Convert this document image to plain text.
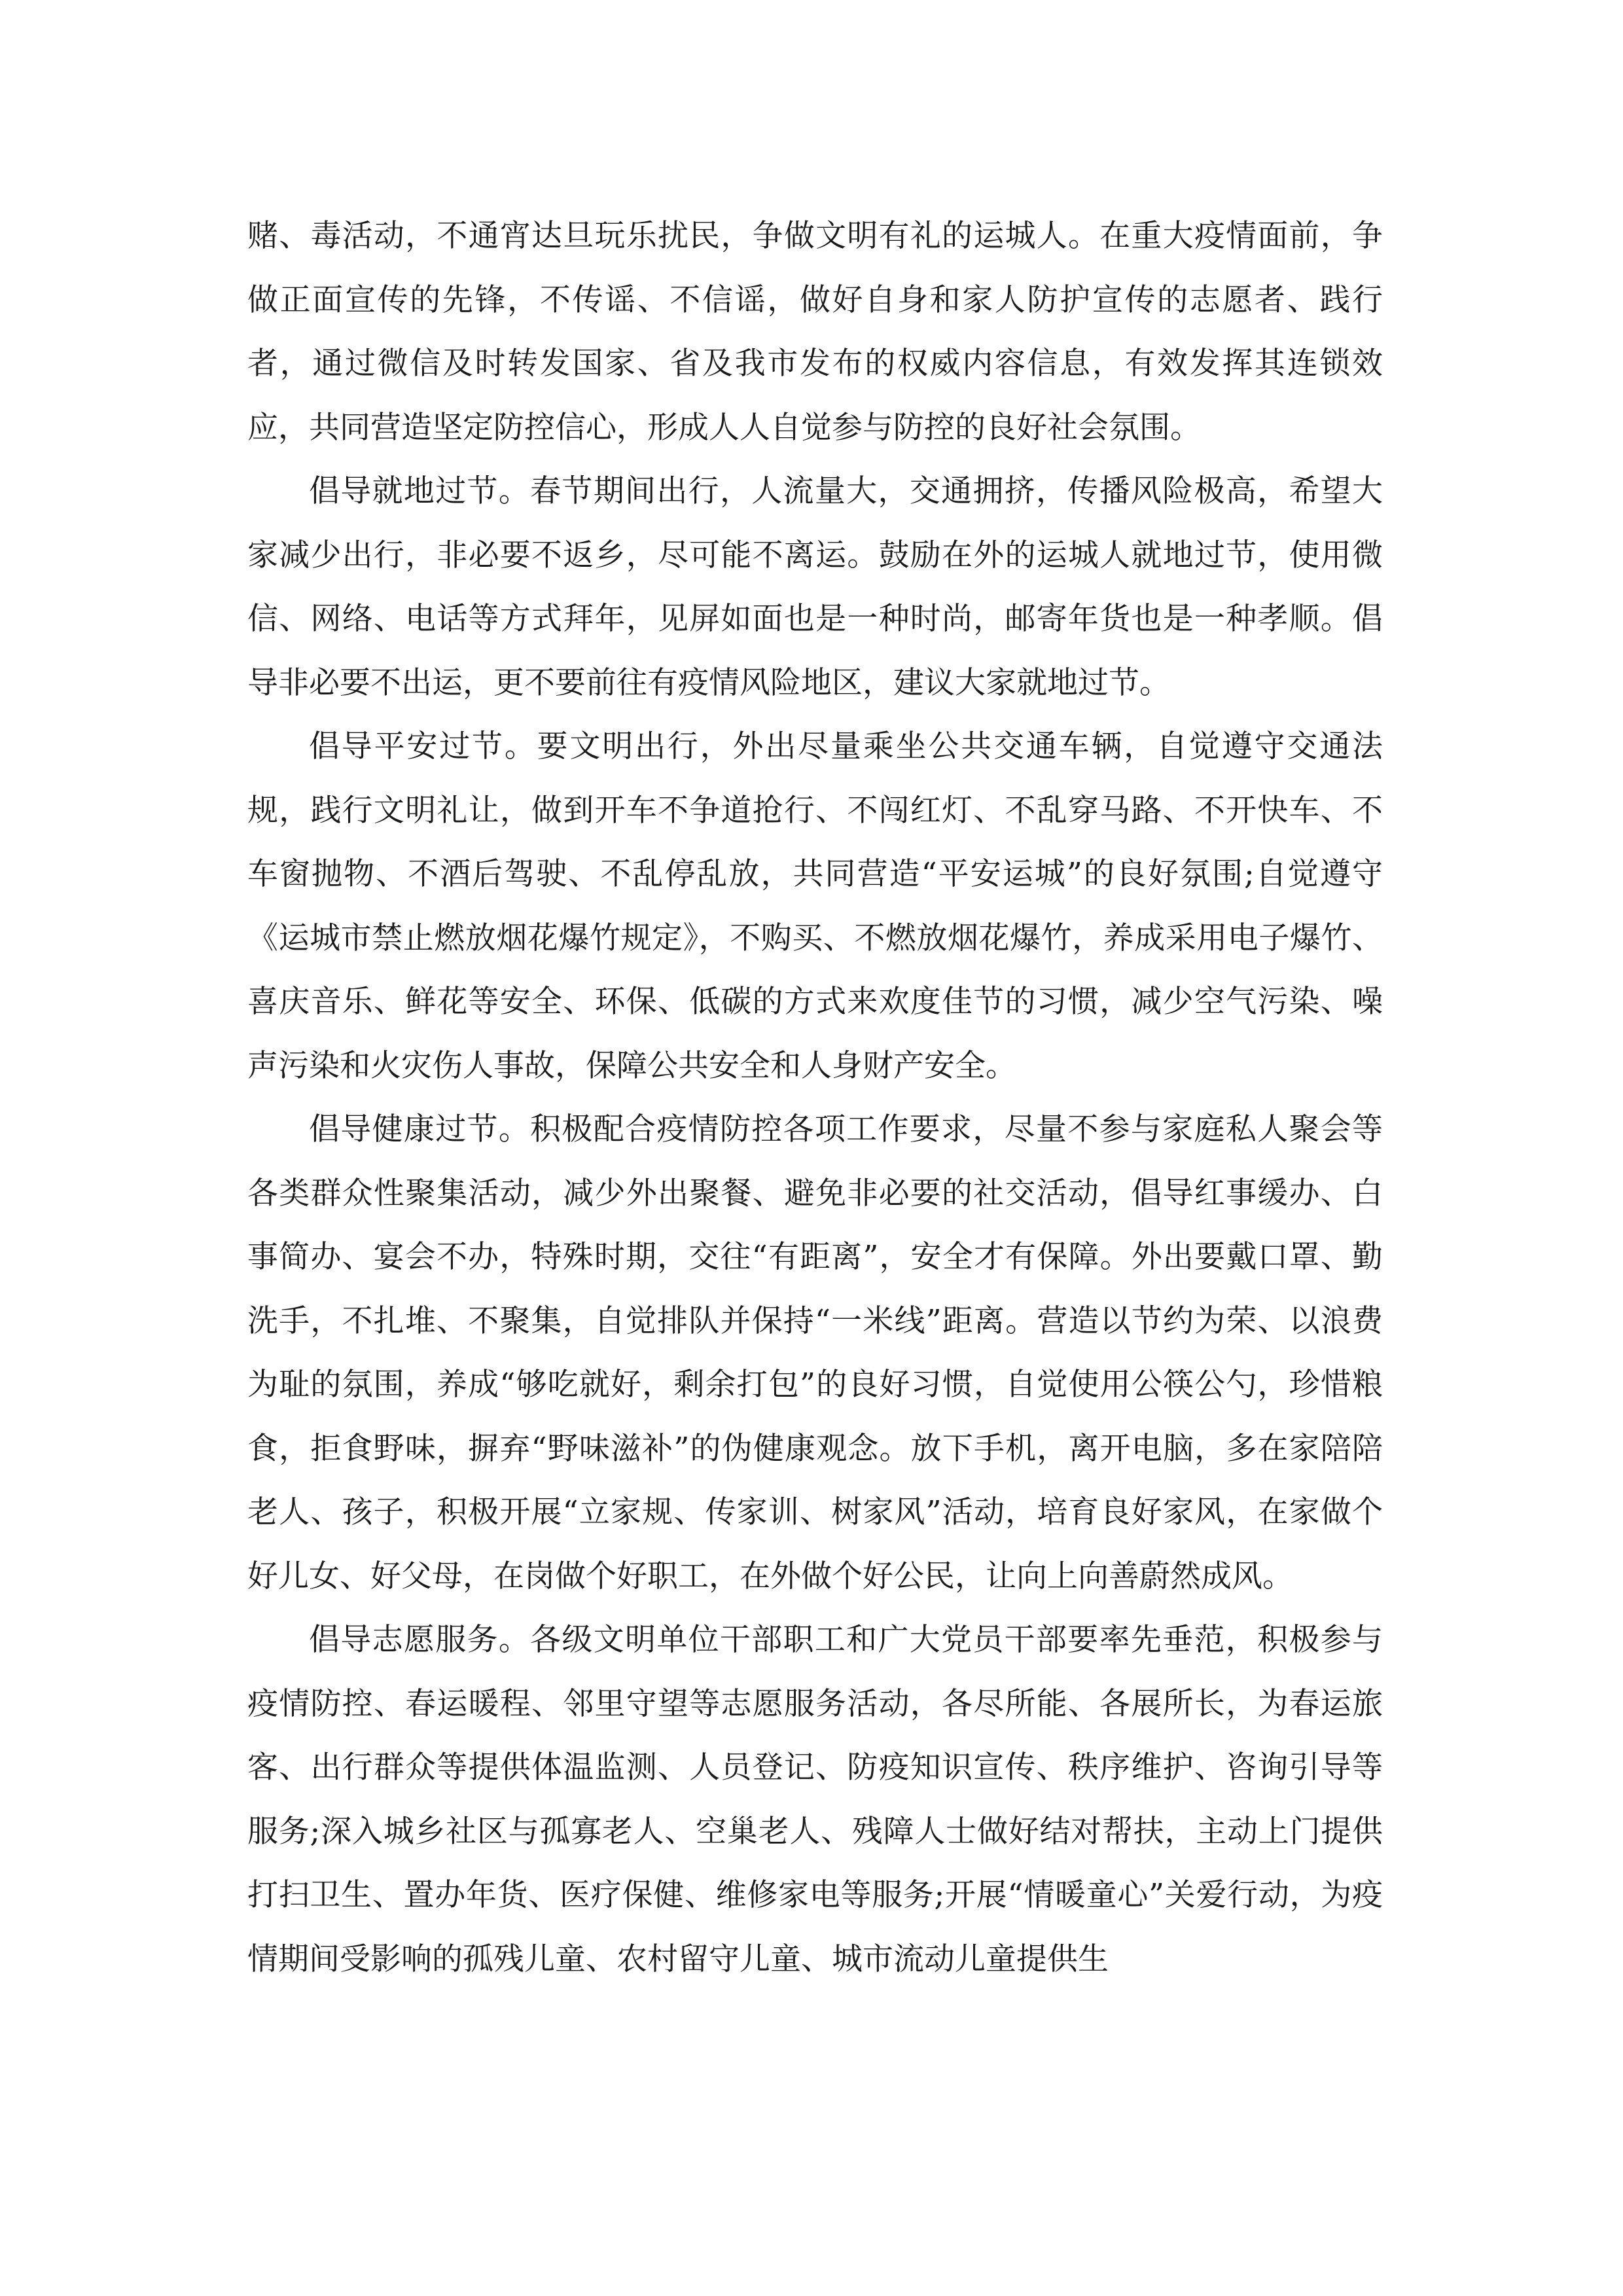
赌、毒活动，不通宵达旦玩乐扰民，争做文明有礼的运城人。在重大疫情面前，争做正面宣传的先锋，不传谣、不信谣，做好自身和家人防护宣传的志愿者、践行者，通过微信及时转发国家、省及我市发布的权威内容信息，有效发挥其连锁效应，共同营造坚定防控信心，形成人人自觉参与防控的良好社会氛围。

倡导就地过节。春节期间出行，人流量大，交通拥挤，传播风险极高，希望大家减少出行，非必要不返乡，尽可能不离运。鼓励在外的运城人就地过节，使用微信、网络、电话等方式拜年，见屏如面也是一种时尚，邮寄年货也是一种孝顺。倡导非必要不出运，更不要前往有疫情风险地区，建议大家就地过节。

倡导平安过节。要文明出行，外出尽量乘坐公共交通车辆，自觉遵守交通法规，践行文明礼让，做到开车不争道抢行、不闯红灯、不乱穿马路、不开快车、不车窗抛物、不酒后驾驶、不乱停乱放，共同营造“平安运城”的良好氛围;自觉遵守《运城市禁止燃放烟花爆竹规定》，不购买、不燃放烟花爆竹，养成采用电子爆竹、喜庆音乐、鲜花等安全、环保、低碳的方式来欢度佳节的习惯，减少空气污染、噪声污染和火灾伤人事故，保障公共安全和人身财产安全。

倡导健康过节。积极配合疫情防控各项工作要求，尽量不参与家庭私人聚会等各类群众性聚集活动，减少外出聚餐、避免非必要的社交活动，倡导红事缓办、白事简办、宴会不办，特殊时期，交往“有距离”，安全才有保障。外出要戴口罩、勤洗手，不扎堆、不聚集，自觉排队并保持“一米线”距离。营造以节约为荣、以浪费为耻的氛围，养成“够吃就好，剩余打包”的良好习惯，自觉使用公筷公勺，珍惜粮食，拒食野味，摒弃“野味滋补”的伪健康观念。放下手机，离开电脑，多在家陪陪老人、孩子，积极开展“立家规、传家训、树家风”活动，培育良好家风，在家做个好儿女、好父母，在岗做个好职工，在外做个好公民，让向上向善蔚然成风。

倡导志愿服务。各级文明单位干部职工和广大党员干部要率先垂范，积极参与疫情防控、春运暖程、邻里守望等志愿服务活动，各尽所能、各展所长，为春运旅客、出行群众等提供体温监测、人员登记、防疫知识宣传、秩序维护、咨询引导等服务;深入城乡社区与孤寡老人、空巢老人、残障人士做好结对帮扶，主动上门提供打扫卫生、置办年货、医疗保健、维修家电等服务;开展“情暖童心”关爱行动，为疫情期间受影响的孤残儿童、农村留守儿童、城市流动儿童提供生
